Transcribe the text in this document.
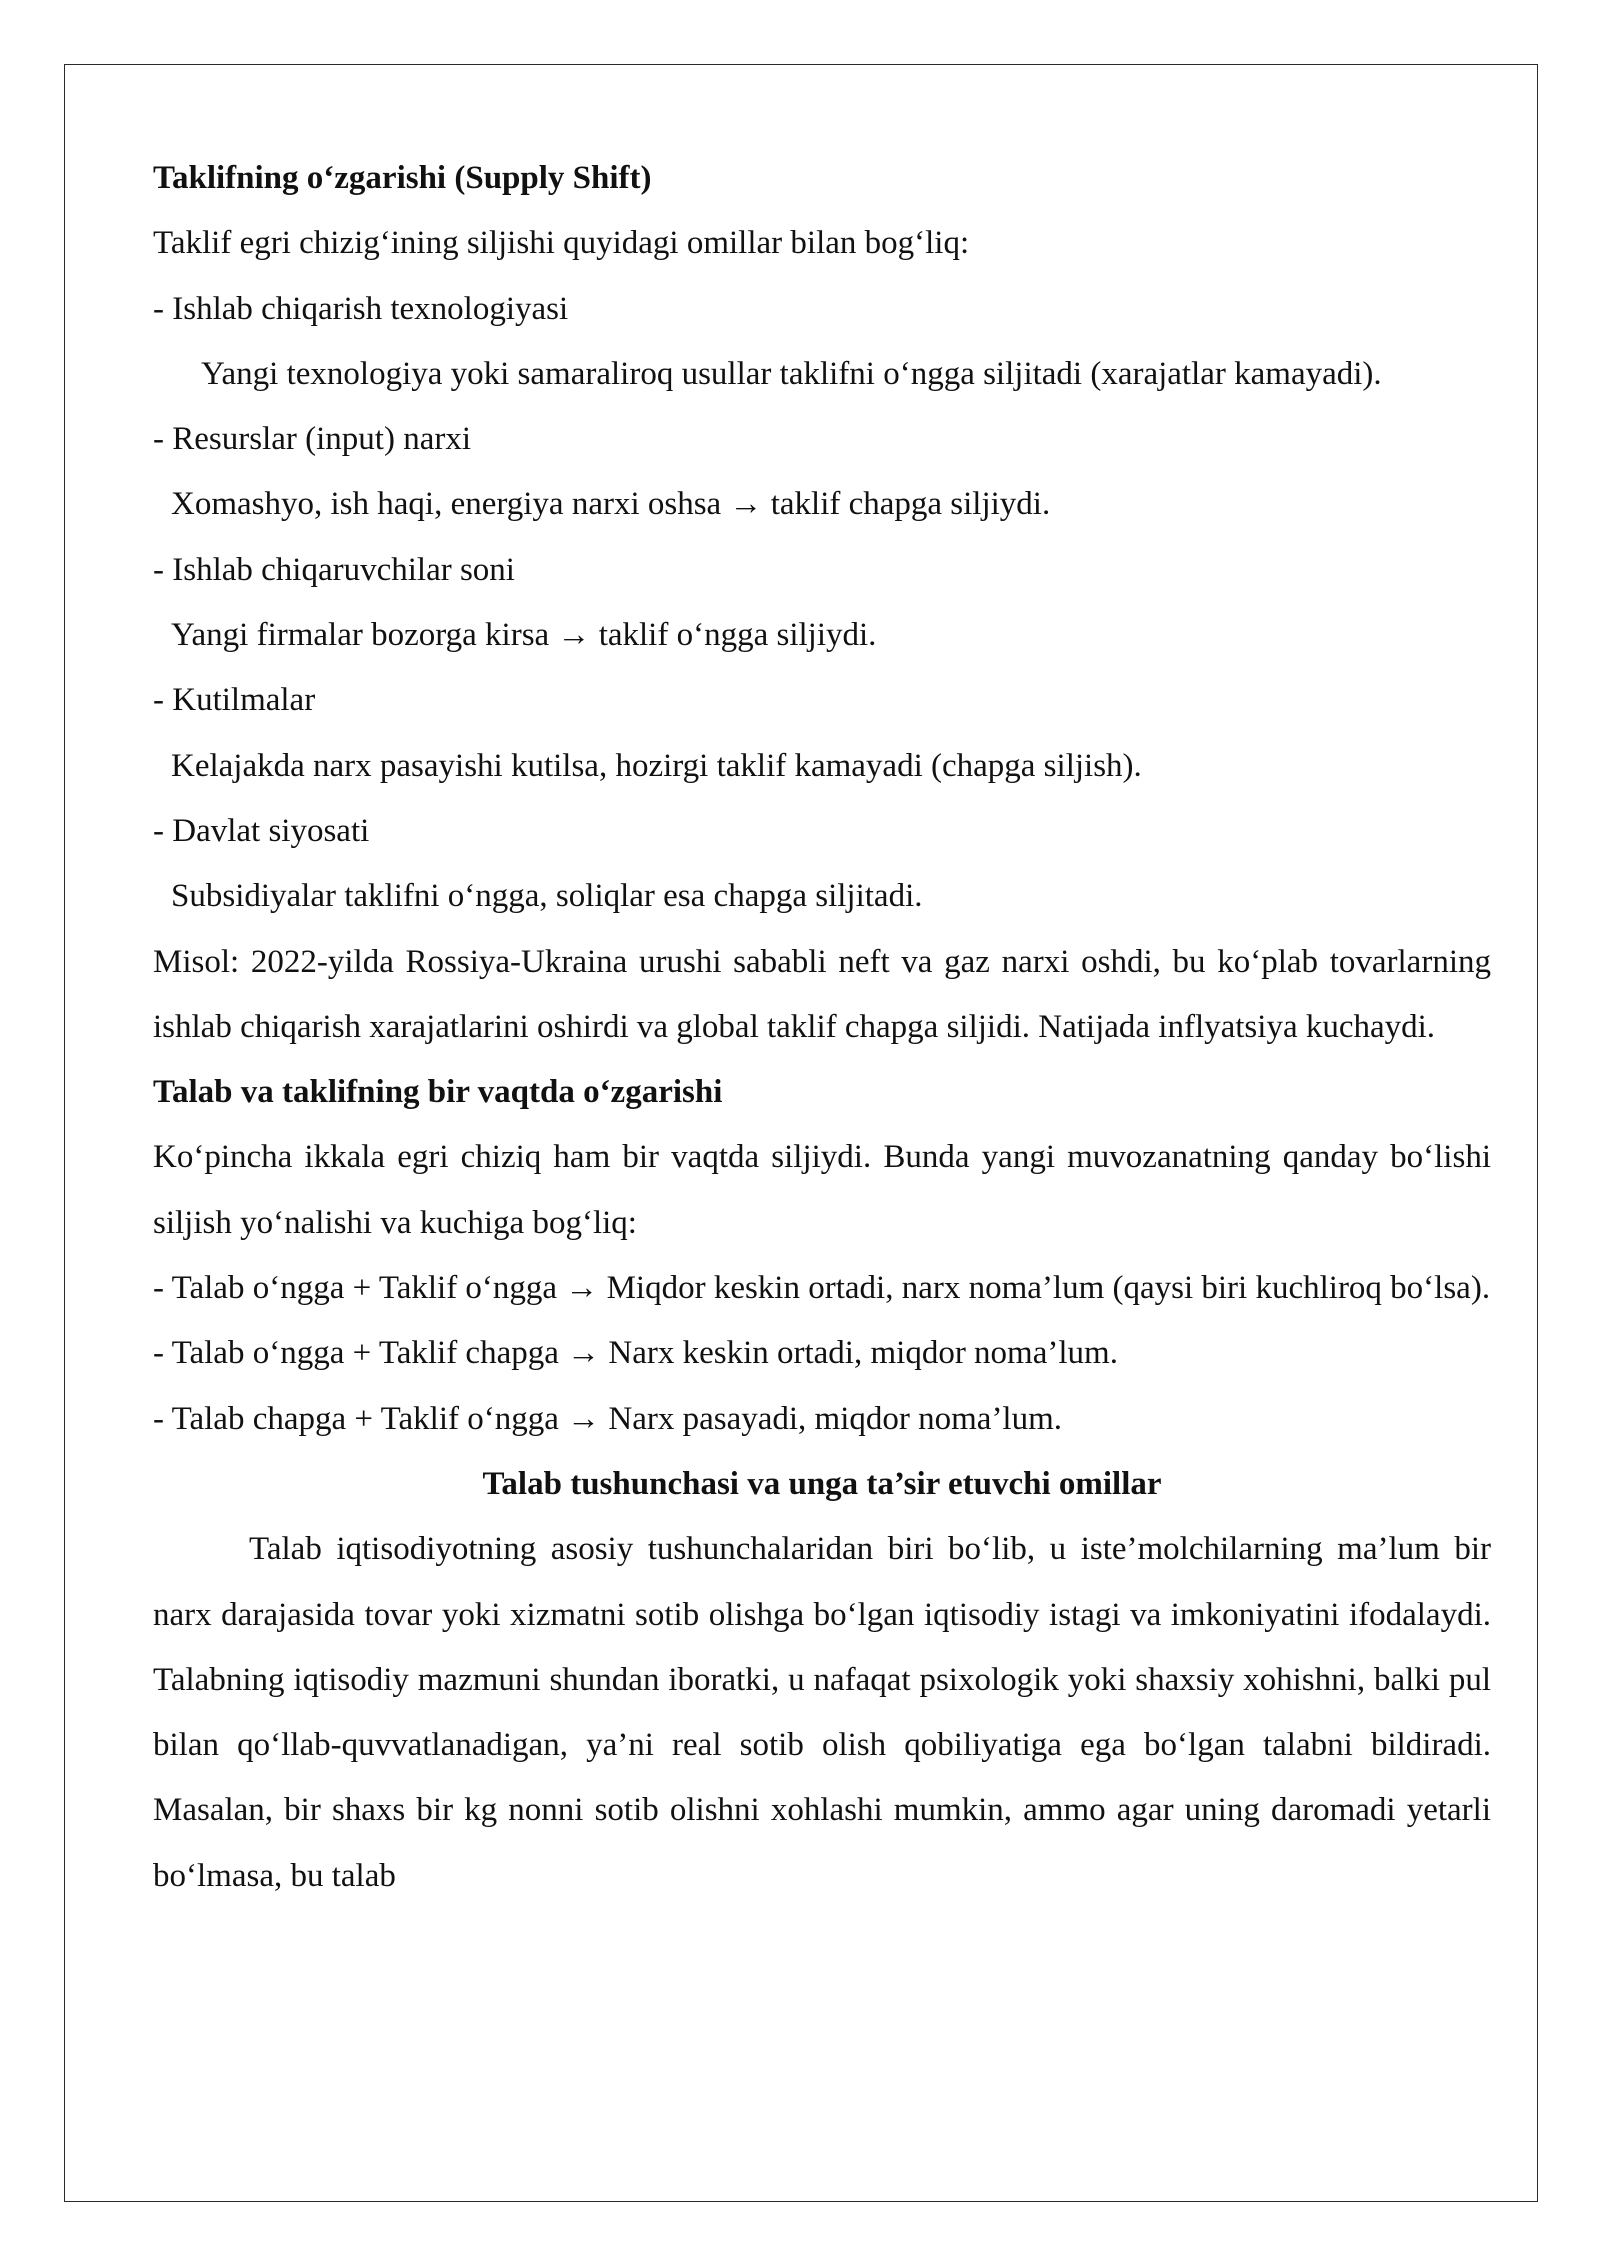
Taklifning o‘zgarishi (Supply Shift)

Taklif egri chizig‘ining siljishi quyidagi omillar bilan bog‘liq:

- Ishlab chiqarish texnologiyasi

Yangi texnologiya yoki samaraliroq usullar taklifni o‘ngga siljitadi (xarajatlar kamayadi).

- Resurslar (input) narxi

Xomashyo, ish haqi, energiya narxi oshsa → taklif chapga siljiydi.

- Ishlab chiqaruvchilar soni

Yangi firmalar bozorga kirsa → taklif o‘ngga siljiydi.

- Kutilmalar

Kelajakda narx pasayishi kutilsa, hozirgi taklif kamayadi (chapga siljish).

- Davlat siyosati

Subsidiyalar taklifni o‘ngga, soliqlar esa chapga siljitadi.

Misol: 2022-yilda Rossiya-Ukraina urushi sababli neft va gaz narxi oshdi, bu ko‘plab tovarlarning ishlab chiqarish xarajatlarini oshirdi va global taklif chapga siljidi. Natijada inflyatsiya kuchaydi.

Talab va taklifning bir vaqtda o‘zgarishi

Ko‘pincha ikkala egri chiziq ham bir vaqtda siljiydi. Bunda yangi muvozanatning qanday bo‘lishi siljish yo‘nalishi va kuchiga bog‘liq:

- Talab o‘ngga + Taklif o‘ngga → Miqdor keskin ortadi, narx noma’lum (qaysi biri kuchliroq bo‘lsa).

- Talab o‘ngga + Taklif chapga → Narx keskin ortadi, miqdor noma’lum.

- Talab chapga + Taklif o‘ngga → Narx pasayadi, miqdor noma’lum.

Talab tushunchasi va unga ta’sir etuvchi omillar

Talab iqtisodiyotning asosiy tushunchalaridan biri bo‘lib, u iste’molchilarning ma’lum bir narx darajasida tovar yoki xizmatni sotib olishga bo‘lgan iqtisodiy istagi va imkoniyatini ifodalaydi. Talabning iqtisodiy mazmuni shundan iboratki, u nafaqat psixologik yoki shaxsiy xohishni, balki pul bilan qo‘llab-quvvatlanadigan, ya’ni real sotib olish qobiliyatiga ega bo‘lgan talabni bildiradi. Masalan, bir shaxs bir kg nonni sotib olishni xohlashi mumkin, ammo agar uning daromadi yetarli bo‘lmasa, bu talab
